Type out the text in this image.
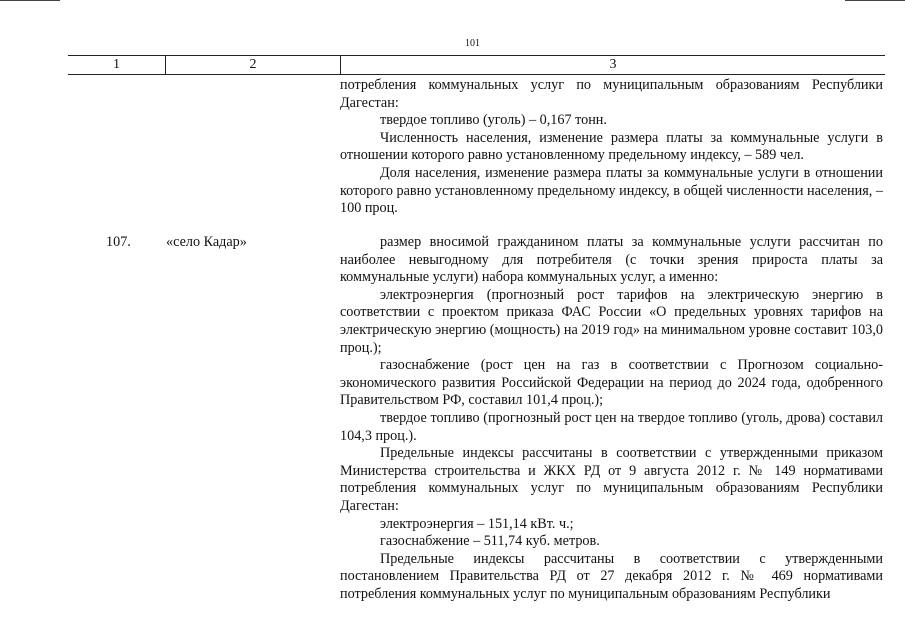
101
1	2	3

потребления коммунальных услуг по муниципальным образованиям Республики Дагестан:

твердое топливо (уголь) – 0,167 тонн.

Численность населения, изменение размера платы за коммунальные услуги в отношении которого равно установленному предельному индексу, – 589 чел.

Доля населения, изменение размера платы за коммунальные услуги в отношении которого равно установленному предельному индексу, в общей численности населения, – 100 проц.

107. «село Кадар»	размер вносимой гражданином платы за коммунальные услуги рассчитан по наиболее невыгодному для потребителя (с точки зрения прироста платы за коммунальные услуги) набора коммунальных услуг, а именно:

электроэнергия (прогнозный рост тарифов на электрическую энергию в соответствии с проектом приказа ФАС России «О предельных уровнях тарифов на электрическую энергию (мощность) на 2019 год» на минимальном уровне составит 103,0 проц.);

газоснабжение (рост цен на газ в соответствии с Прогнозом социально-экономического развития Российской Федерации на период до 2024 года, одобренного Правительством РФ, составил 101,4 проц.);

твердое топливо (прогнозный рост цен на твердое топливо (уголь, дрова) составил 104,3 проц.).

Предельные индексы рассчитаны в соответствии с утвержденными приказом Министерства строительства и ЖКХ РД от 9 августа 2012 г. № 149 нормативами потребления коммунальных услуг по муниципальным образованиям Республики Дагестан:

электроэнергия – 151,14 кВт. ч.;

газоснабжение – 511,74 куб. метров.

Предельные индексы рассчитаны в соответствии с утвержденными постановлением Правительства РД от 27 декабря 2012 г. № 469 нормативами потребления коммунальных услуг по муниципальным образованиям Республики
